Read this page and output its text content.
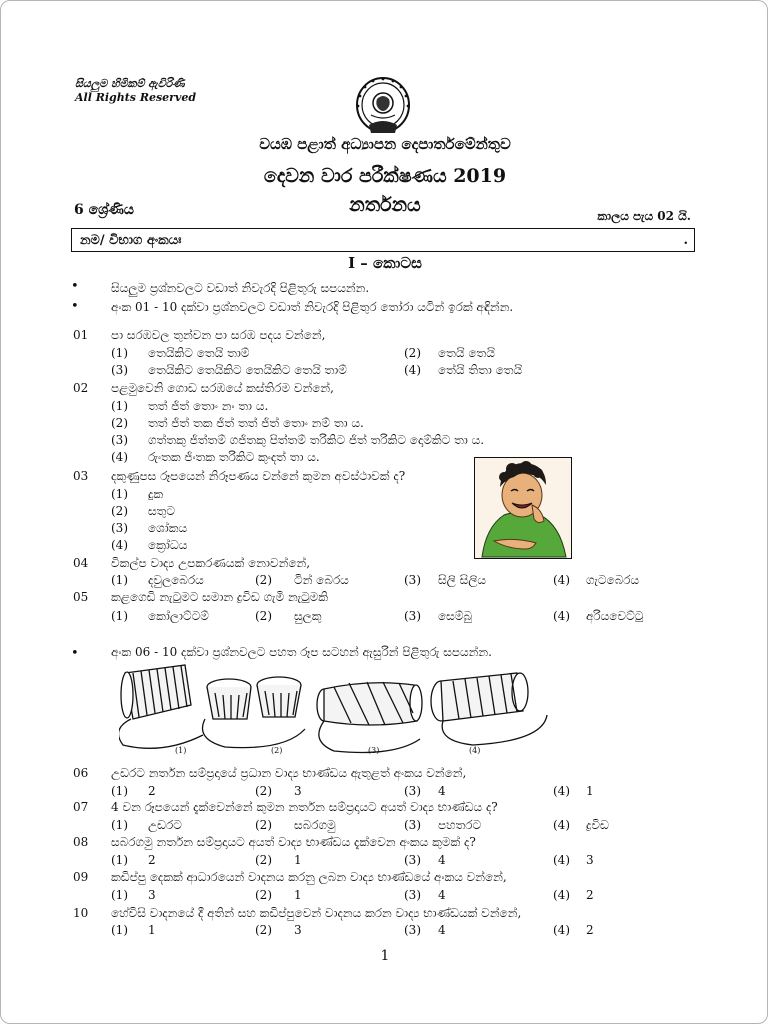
සියලුම හිමිකම් ඇවිරිණි
All Rights Reserved
වයඹ පළාත් අධ්‍යාපන දෙපාර්තමේන්තුව
දෙවන වාර පරීක්ෂණය 2019
නර්තනය
6 ශ්‍රේණිය	කාලය පැය 02 යි.
නම/ විභාග අංකයඃ	.
I – කොටස
•	සියලුම ප්‍රශ්නවලට වඩාත් නිවැරදි පිළිතුරු සපයන්න.
•	අංක 01 - 10 දක්වා ප්‍රශ්නවලට වඩාත් නිවැරදි පිළිතුර තෝරා යටින් ඉරක් අඳින්න.
01 පා සරඹවල තුන්වන පා සරඹ පදය වන්නේ,
(1) තෙයිකිට තෙයි තාම්	(2) තෙයි තෙයි
(3) තෙයිකිට තෙයිකිට තෙයිකිට තෙයි තාම්	(4) තේයි තිතා තෙයි
02 පළමුවෙනි ගොඩ සරඹයේ කස්තිරම වන්නේ,
(1) තත් ජිත් තොං නං තා ය.
(2) තත් ජිත් තක ජිත් තත් ජිත් තොං නම් තා ය.
(3) ගත්තකු ජිත්තම් ගජිතකු පිත්තම් තරිකිට ජිත් තරිකිට දොම්කිට තා ය.
(4) රුංතක ජිංතක තරිකිට කුංදත් තා ය.
03 දකුණුපස රූපයෙන් නිරූපණය වන්නේ කුමන අවස්ථාවක් ද?
(1) දුක
(2) සතුට
(3) ශෝකය
(4) ක්‍රෝධය
04 විකල්ප වාද්‍ය උපකරණයක් නොවන්නේ,
(1) දවුලබෙරය	(2) ටින් බෙරය	(3) සිලි සිලිය	(4) ගැටබෙරය
05 කළගෙඩි නැටුමට සමාන ද්‍රවිඩ ගැමි නැටුමකි
(1) කෝලාට්ටම්	(2) සුලකු	(3) සෙම්බු	(4) අරියවෙට්ටු
•	අංක 06 - 10 දක්වා ප්‍රශ්නවලට පහත රූප සටහන් ඇසුරින් පිළිතුරු සපයන්න.
(1)	(2)	(3)	(4)
06 උඩරට නර්තන සම්ප්‍රදායේ ප්‍රධාන වාද්‍ය භාණ්ඩය ඇතුළත් අංකය වන්නේ,
(1) 2	(2) 3	(3) 4	(4) 1
07 4 වන රූපයෙන් දැක්වෙන්නේ කුමන නර්තන සම්ප්‍රදායට අයත් වාද්‍ය භාණ්ඩය ද?
(1) උඩරට	(2) සබරගමු	(3) පහතරට	(4) ද්‍රවිඩ
08 සබරගමු නර්තන සම්ප්‍රදායට අයත් වාද්‍ය භාණ්ඩය දැක්වෙන අංකය කුමක් ද?
(1) 2	(2) 1	(3) 4	(4) 3
09 කඩිප්පු දෙකක් ආධාරයෙන් වාදනය කරනු ලබන වාද්‍ය භාණ්ඩයේ අංකය වන්නේ,
(1) 3	(2) 1	(3) 4	(4) 2
10 හේවිසි වාදනයේ දී අතින් සහ කඩිප්පුවෙන් වාදනය කරන වාද්‍ය භාණ්ඩයක් වන්නේ,
(1) 1	(2) 3	(3) 4	(4) 2
1
